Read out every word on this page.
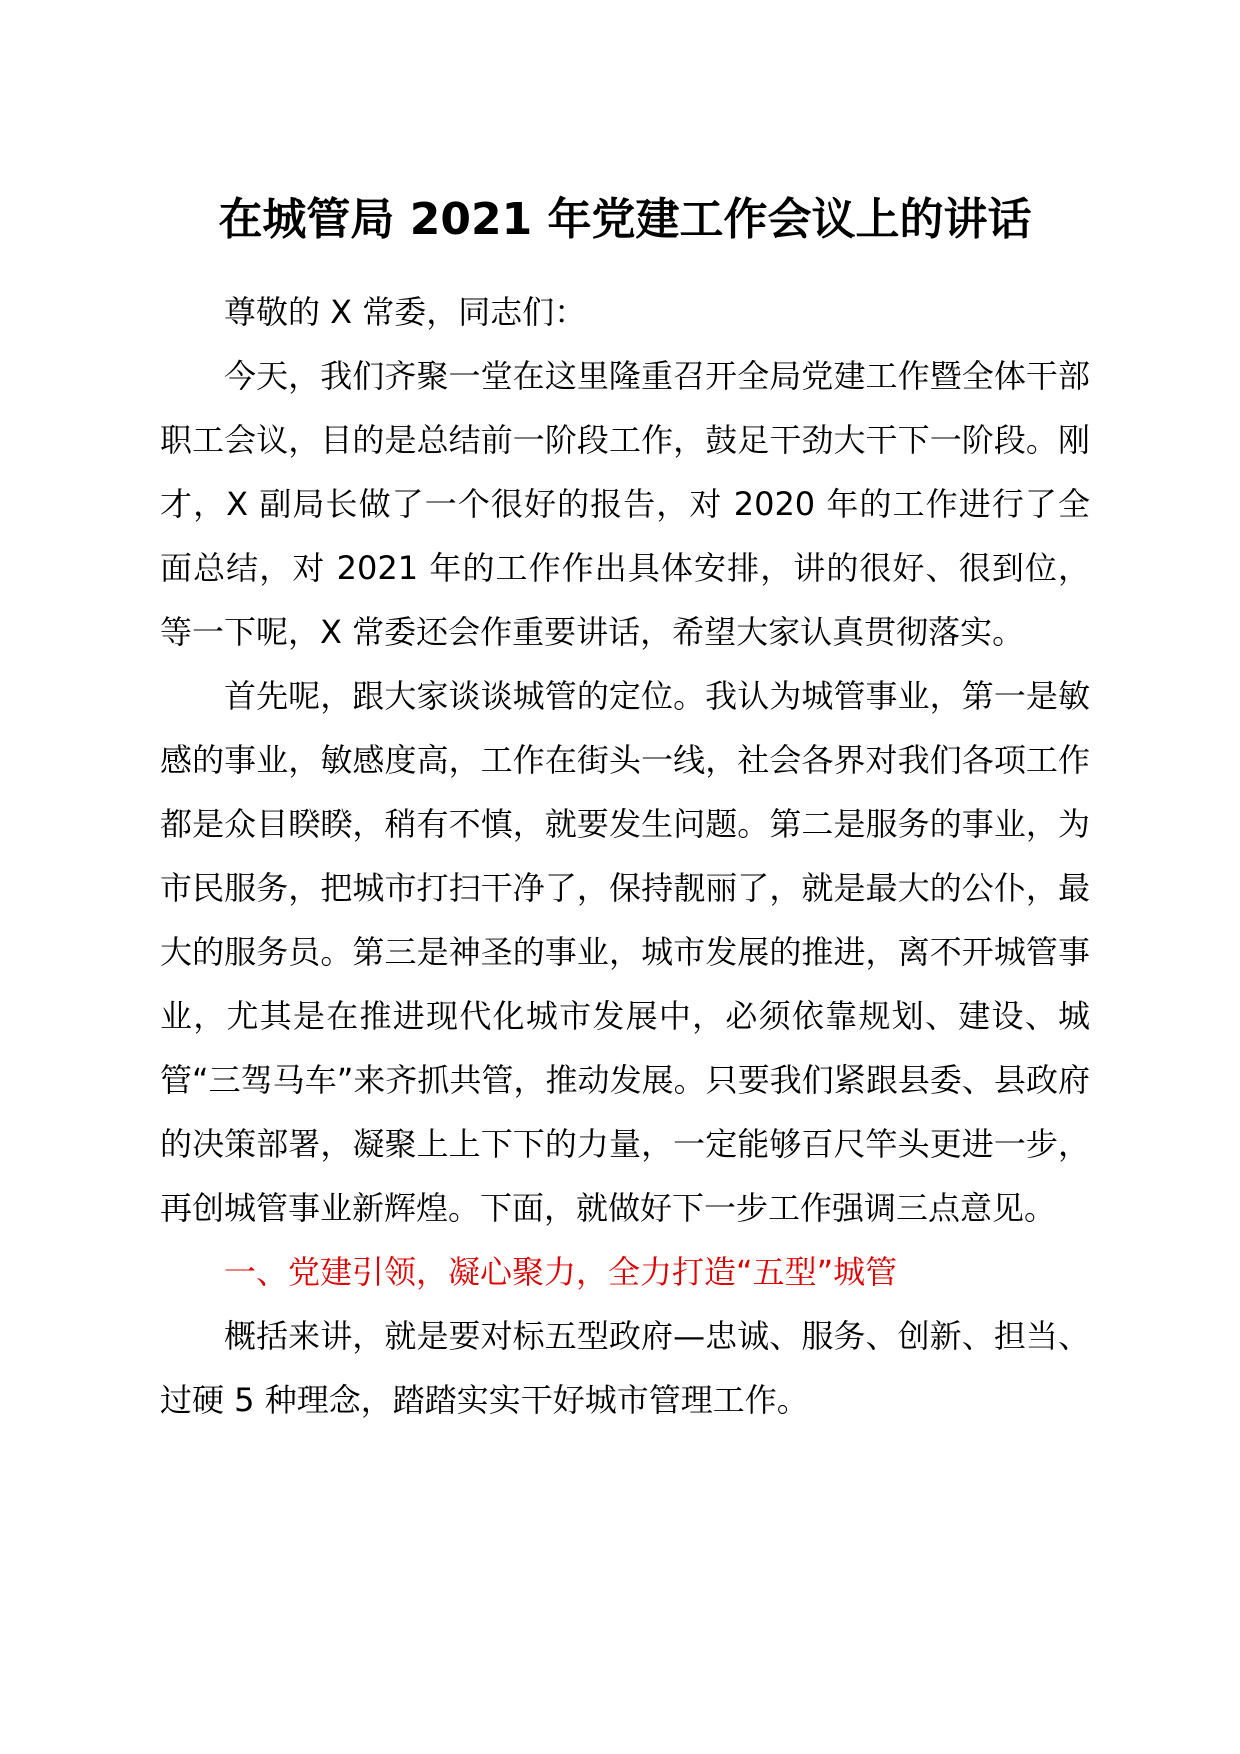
在城管局 2021 年党建工作会议上的讲话

尊敬的 X 常委，同志们：

今天，我们齐聚一堂在这里隆重召开全局党建工作暨全体干部职工会议，目的是总结前一阶段工作，鼓足干劲大干下一阶段。刚才，X 副局长做了一个很好的报告，对 2020 年的工作进行了全面总结，对 2021 年的工作作出具体安排，讲的很好、很到位，等一下呢，X 常委还会作重要讲话，希望大家认真贯彻落实。

首先呢，跟大家谈谈城管的定位。我认为城管事业，第一是敏感的事业，敏感度高，工作在街头一线，社会各界对我们各项工作都是众目睽睽，稍有不慎，就要发生问题。第二是服务的事业，为市民服务，把城市打扫干净了，保持靓丽了，就是最大的公仆，最大的服务员。第三是神圣的事业，城市发展的推进，离不开城管事业，尤其是在推进现代化城市发展中，必须依靠规划、建设、城管“三驾马车”来齐抓共管，推动发展。只要我们紧跟县委、县政府的决策部署，凝聚上上下下的力量，一定能够百尺竿头更进一步，再创城管事业新辉煌。下面，就做好下一步工作强调三点意见。

一、党建引领，凝心聚力，全力打造“五型”城管

概括来讲，就是要对标五型政府—忠诚、服务、创新、担当、过硬 5 种理念，踏踏实实干好城市管理工作。
